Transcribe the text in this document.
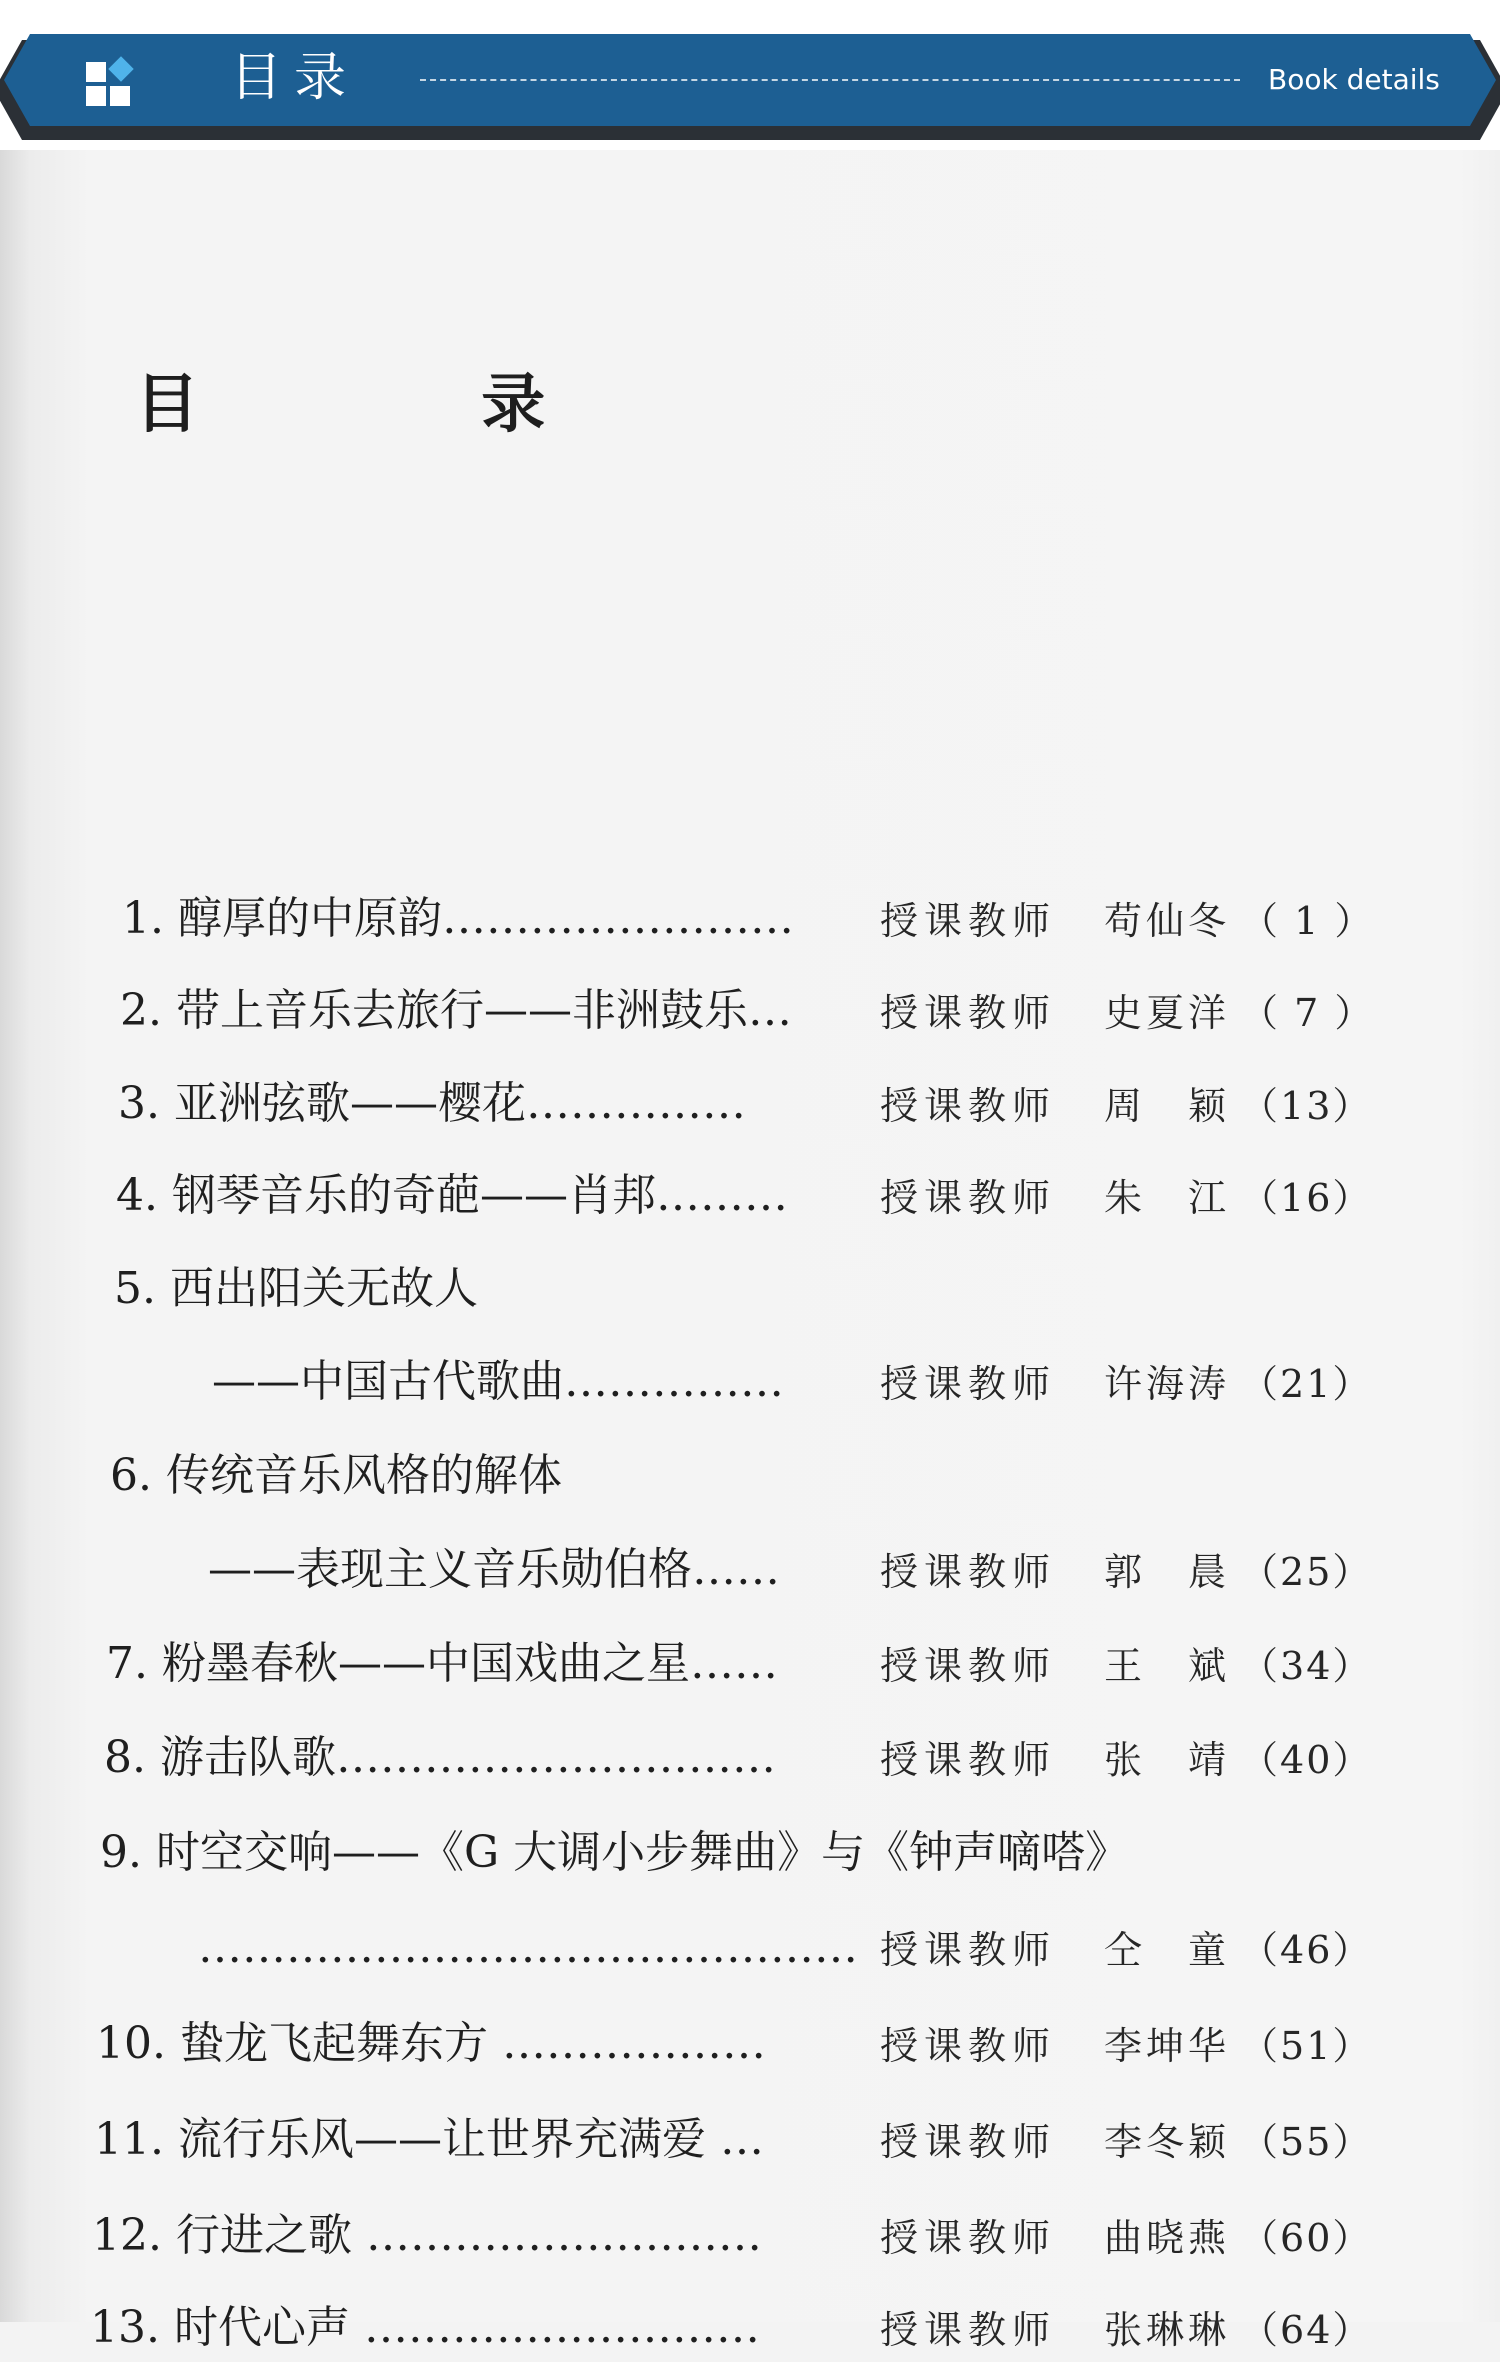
目录	Book details
目 录
1. 醇厚的中原韵…………………… 授课教师 苟仙冬 （ 1 ）
2. 带上音乐去旅行——非洲鼓乐… 授课教师 史夏洋 （ 7 ）
3. 亚洲弦歌——樱花……………	授课教师 周　颖 （13）
4. 钢琴音乐的奇葩——肖邦……… 授课教师 朱　江 （16）
5. 西出阳关无故人
——中国古代歌曲……………	授课教师 许海涛 （21）
6. 传统音乐风格的解体
——表现主义音乐勋伯格……	授课教师 郭　晨 （25）
7. 粉墨春秋——中国戏曲之星……	授课教师 王　斌 （34）
8. 游击队歌…………………………	授课教师 张　靖 （40）
9. 时空交响——《G 大调小步舞曲》与《钟声嘀嗒》
……………………………………… 授课教师 仝　童 （46）
10. 蛰龙飞起舞东方 ………………	授课教师 李坤华 （51）
11. 流行乐风——让世界充满爱 …	授课教师 李冬颖 （55）
12. 行进之歌 ………………………	授课教师 曲晓燕 （60）
13. 时代心声 ………………………	授课教师 张琳琳 （64）
